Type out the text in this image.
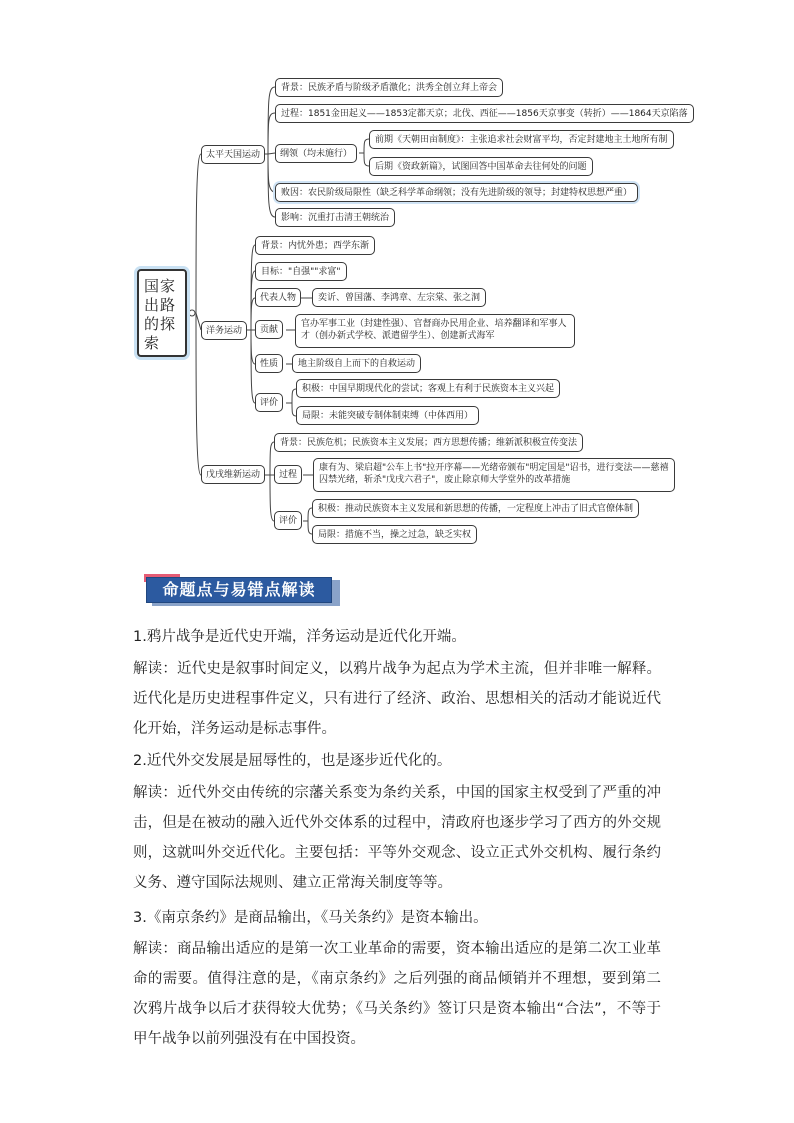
国家
出路
的探
索
太平天国运动
背景：民族矛盾与阶级矛盾激化；洪秀全创立拜上帝会
过程：1851金田起义——1853定都天京；北伐、西征——1856天京事变（转折）——1864天京陷落
纲领（均未施行）
前期《天朝田亩制度》：主张追求社会财富平均，否定封建地主土地所有制
后期《资政新篇》，试图回答中国革命去往何处的问题
败因：农民阶级局限性（缺乏科学革命纲领；没有先进阶级的领导；封建特权思想严重）
影响：沉重打击清王朝统治
洋务运动
背景：内忧外患；西学东渐
目标："自强""求富"
代表人物	奕䜣、曾国藩、李鸿章、左宗棠、张之洞
贡献
官办军事工业（封建性强）、官督商办民用企业、培养翻译和军事人才（创办新式学校、派遣留学生）、创建新式海军
性质	地主阶级自上而下的自救运动
评价
积极：中国早期现代化的尝试；客观上有利于民族资本主义兴起
局限：未能突破专制体制束缚（中体西用）
戊戌维新运动
背景：民族危机；民族资本主义发展；西方思想传播；维新派积极宣传变法
过程
康有为、梁启超"公车上书"拉开序幕——光绪帝颁布"明定国是"诏书，进行变法——慈禧囚禁光绪，斩杀"戊戌六君子"，废止除京师大学堂外的改革措施
评价
积极：推动民族资本主义发展和新思想的传播，一定程度上冲击了旧式官僚体制
局限：措施不当，操之过急，缺乏实权
命题点与易错点解读
1.鸦片战争是近代史开端，洋务运动是近代化开端。
解读：近代史是叙事时间定义，以鸦片战争为起点为学术主流，但并非唯一解释。近代化是历史进程事件定义，只有进行了经济、政治、思想相关的活动才能说近代化开始，洋务运动是标志事件。
2.近代外交发展是屈辱性的，也是逐步近代化的。
解读：近代外交由传统的宗藩关系变为条约关系，中国的国家主权受到了严重的冲击，但是在被动的融入近代外交体系的过程中，清政府也逐步学习了西方的外交规则，这就叫外交近代化。主要包括：平等外交观念、设立正式外交机构、履行条约义务、遵守国际法规则、建立正常海关制度等等。
3.《南京条约》是商品输出，《马关条约》是资本输出。
解读：商品输出适应的是第一次工业革命的需要，资本输出适应的是第二次工业革命的需要。值得注意的是，《南京条约》之后列强的商品倾销并不理想，要到第二次鸦片战争以后才获得较大优势；《马关条约》签订只是资本输出“合法”，不等于甲午战争以前列强没有在中国投资。
